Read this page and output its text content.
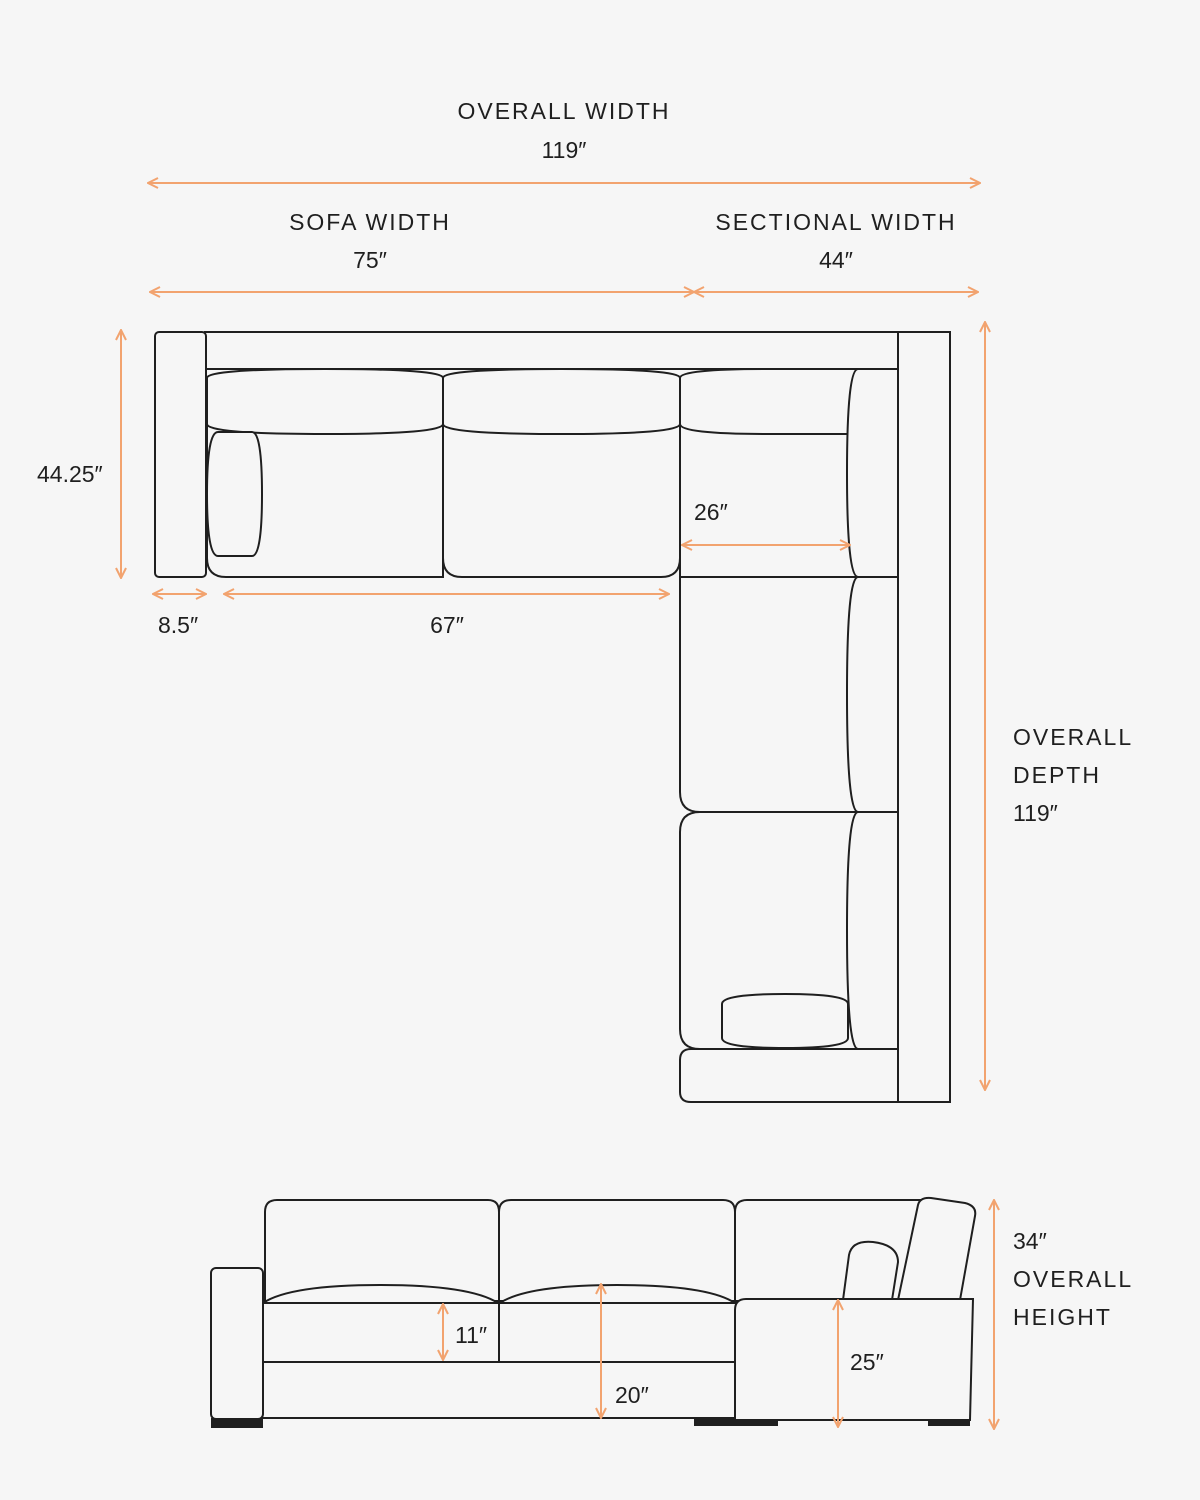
OVERALL WIDTH
119″
SOFA WIDTH
75″
SECTIONAL WIDTH
44″
44.25″
8.5″	67″
26″
OVERALL
DEPTH
119″
11″
20″
25″
34″
OVERALL
HEIGHT
